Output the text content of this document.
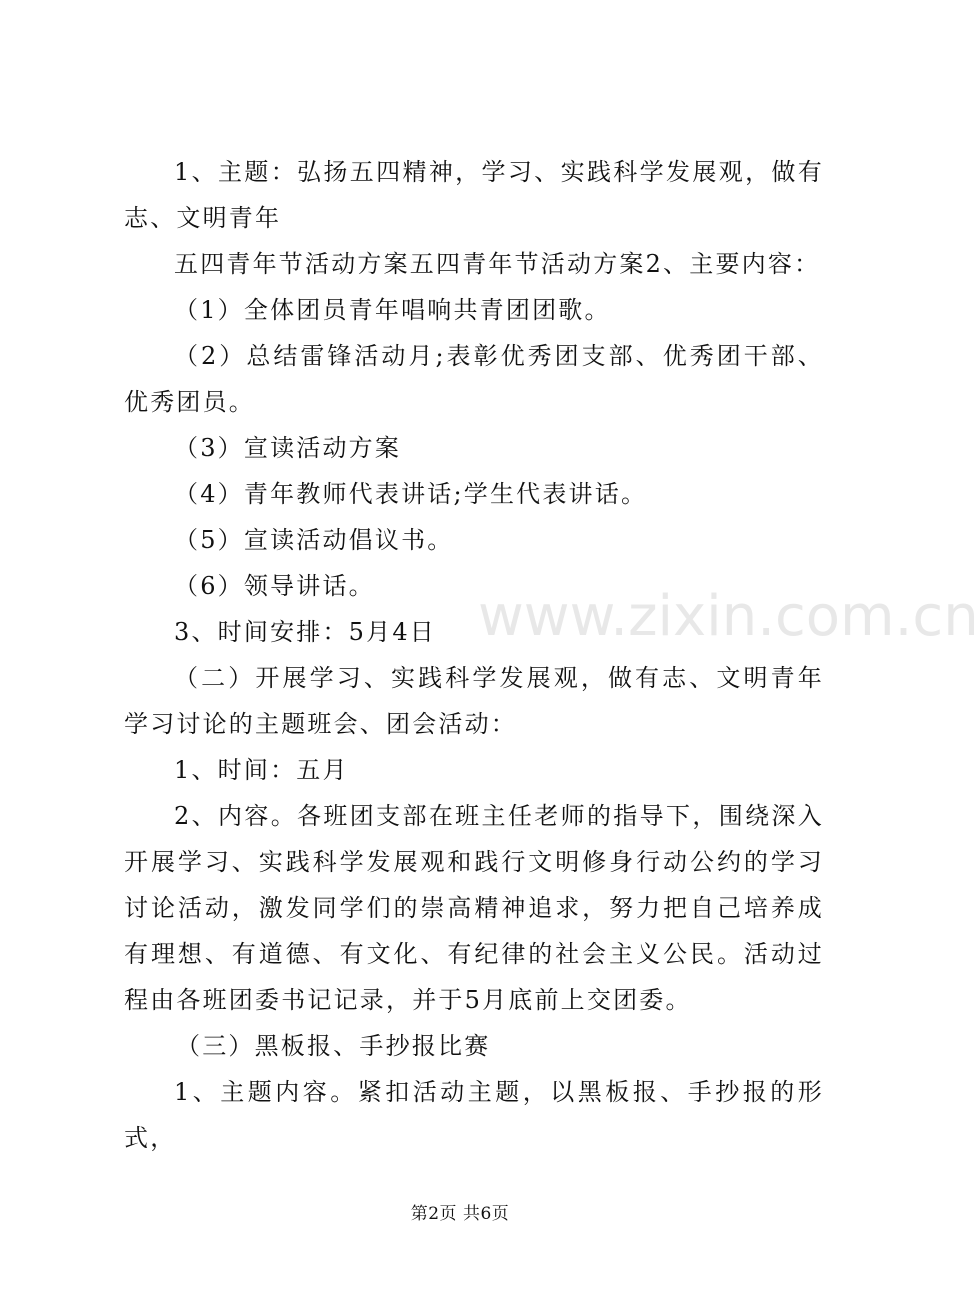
www.zixin.com.cn

1、主题：弘扬五四精神，学习、实践科学发展观，做有志、文明青年

五四青年节活动方案五四青年节活动方案2、主要内容：

（1）全体团员青年唱响共青团团歌。

（2）总结雷锋活动月;表彰优秀团支部、优秀团干部、优秀团员。

（3）宣读活动方案

（4）青年教师代表讲话;学生代表讲话。

（5）宣读活动倡议书。

（6）领导讲话。

3、时间安排：5月4日

（二）开展学习、实践科学发展观，做有志、文明青年学习讨论的主题班会、团会活动：

1、时间：五月

2、内容。各班团支部在班主任老师的指导下，围绕深入开展学习、实践科学发展观和践行文明修身行动公约的学习讨论活动，激发同学们的崇高精神追求，努力把自己培养成有理想、有道德、有文化、有纪律的社会主义公民。活动过程由各班团委书记记录，并于5月底前上交团委。

（三）黑板报、手抄报比赛

1、主题内容。紧扣活动主题，以黑板报、手抄报的形式，

第2页 共6页
